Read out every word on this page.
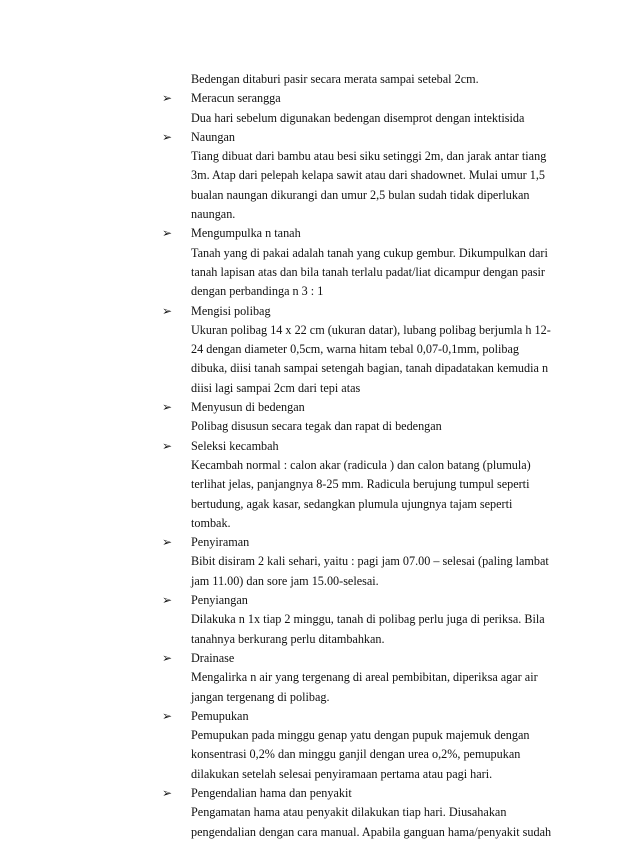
Bedengan ditaburi pasir secara merata sampai setebal 2cm.
➢ Meracun serangga
Dua hari sebelum digunakan bedengan disemprot dengan intektisida
➢ Naungan
Tiang dibuat dari bambu atau besi siku setinggi 2m, dan jarak antar tiang
3m. Atap dari pelepah kelapa sawit atau dari shadownet. Mulai umur 1,5
bualan naungan dikurangi dan umur 2,5 bulan sudah tidak diperlukan
naungan.
➢ Mengumpulka n tanah
Tanah yang di pakai adalah tanah yang cukup gembur. Dikumpulkan dari
tanah lapisan atas dan bila tanah terlalu padat/liat dicampur dengan pasir
dengan perbandinga n 3 : 1
➢ Mengisi polibag
Ukuran polibag 14 x 22 cm (ukuran datar), lubang polibag berjumla h 12-
24 dengan diameter 0,5cm, warna hitam tebal 0,07-0,1mm, polibag
dibuka, diisi tanah sampai setengah bagian, tanah dipadatakan kemudia n
diisi lagi sampai 2cm dari tepi atas
➢ Menyusun di bedengan
Polibag disusun secara tegak dan rapat di bedengan
➢ Seleksi kecambah
Kecambah normal : calon akar (radicula ) dan calon batang (plumula)
terlihat jelas, panjangnya 8-25 mm. Radicula berujung tumpul seperti
bertudung, agak kasar, sedangkan plumula ujungnya tajam seperti
tombak.
➢ Penyiraman
Bibit disiram 2 kali sehari, yaitu : pagi jam 07.00 – selesai (paling lambat
jam 11.00) dan sore jam 15.00-selesai.
➢ Penyiangan
Dilakuka n 1x tiap 2 minggu, tanah di polibag perlu juga di periksa. Bila
tanahnya berkurang perlu ditambahkan.
➢ Drainase
Mengalirka n air yang tergenang di areal pembibitan, diperiksa agar air
jangan tergenang di polibag.
➢ Pemupukan
Pemupukan pada minggu genap yatu dengan pupuk majemuk dengan
konsentrasi 0,2% dan minggu ganjil dengan urea o,2%, pemupukan
dilakukan setelah selesai penyiramaan pertama atau pagi hari.
➢ Pengendalian hama dan penyakit
Pengamatan hama atau penyakit dilakukan tiap hari. Diusahakan
pengendalian dengan cara manual. Apabila ganguan hama/penyakit sudah
